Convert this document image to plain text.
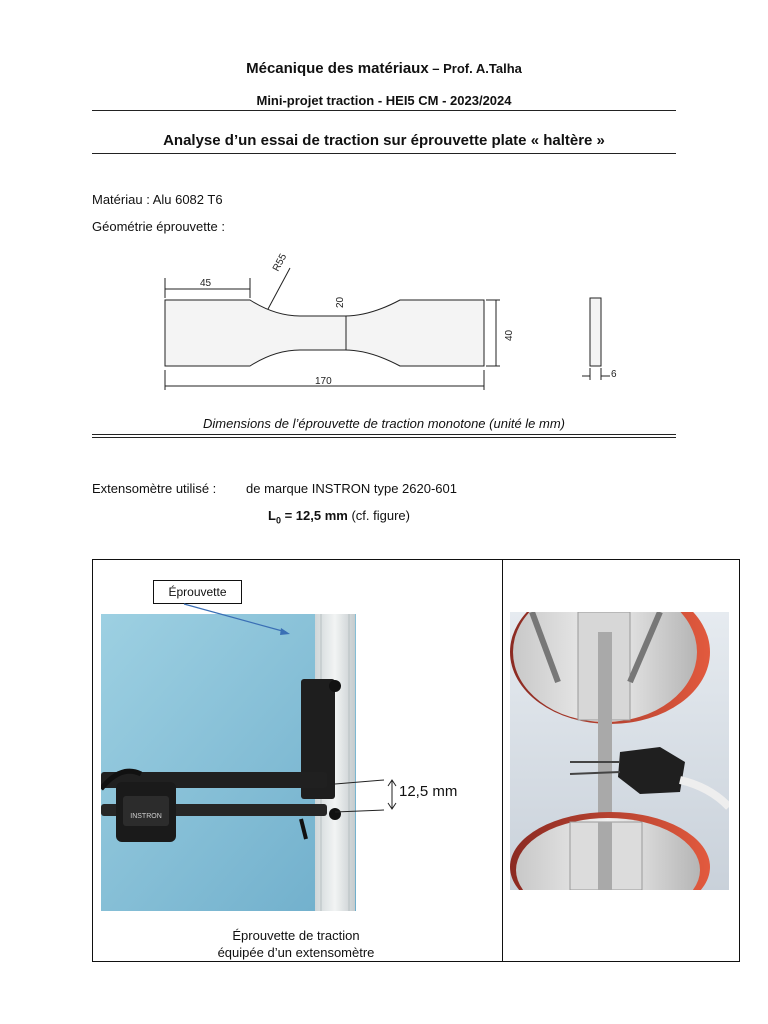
Mécanique des matériaux – Prof. A.Talha
Mini-projet traction - HEI5 CM - 2023/2024
Analyse d’un essai de traction sur éprouvette plate « haltère »
Matériau : Alu 6082 T6
Géométrie éprouvette :
45
R55
20
40
170
6
Dimensions de l’éprouvette de traction monotone (unité le mm)
Extensomètre utilisé : de marque INSTRON type 2620-601
$L_0 = 12,5$ mm (cf. figure)
INSTRON
Éprouvette
12,5 mm
Éprouvette de traction
équipée d’un extensomètre
